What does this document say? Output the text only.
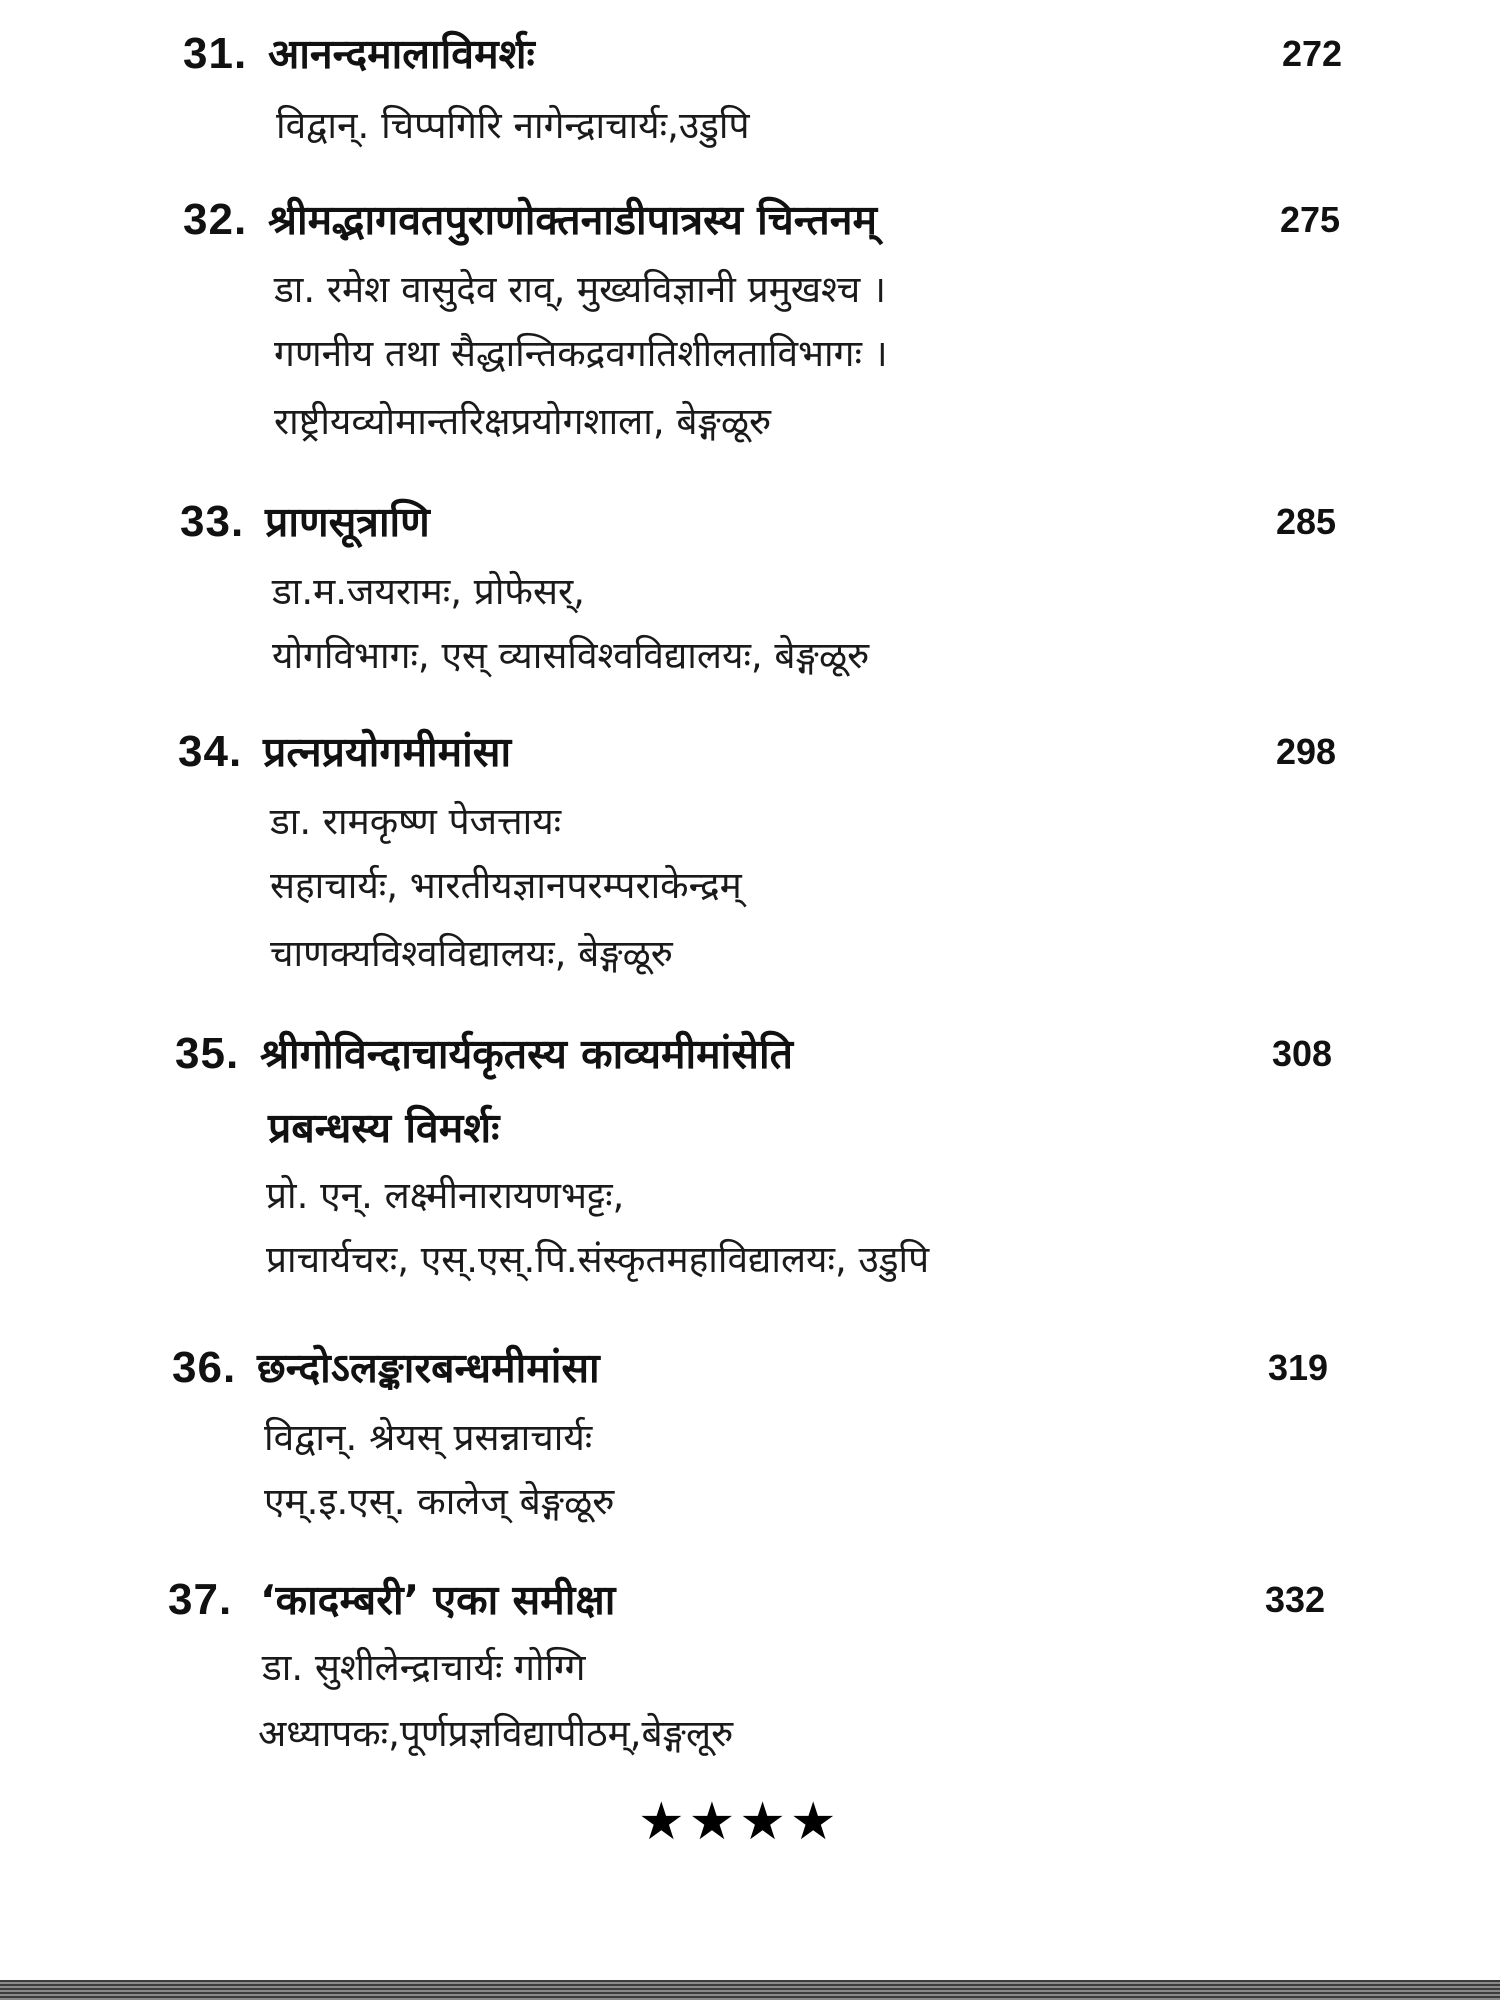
31. आनन्दमालाविमर्शः	272
विद्वान्. चिप्पगिरि नागेन्द्राचार्यः,उडुपि
32. श्रीमद्भागवतपुराणोक्तनाडीपात्रस्य चिन्तनम्	275
डा. रमेश वासुदेव राव्, मुख्यविज्ञानी प्रमुखश्च ।
गणनीय तथा सैद्धान्तिकद्रवगतिशीलताविभागः ।
राष्ट्रीयव्योमान्तरिक्षप्रयोगशाला, बेङ्गळूरु
33. प्राणसूत्राणि	285
डा.म.जयरामः, प्रोफेसर्,
योगविभागः, एस् व्यासविश्वविद्यालयः, बेङ्गळूरु
34. प्रत्नप्रयोगमीमांसा	298
डा. रामकृष्ण पेजत्तायः
सहाचार्यः, भारतीयज्ञानपरम्पराकेन्द्रम्
चाणक्यविश्वविद्यालयः, बेङ्गळूरु
35. श्रीगोविन्दाचार्यकृतस्य काव्यमीमांसेति	308
प्रबन्धस्य विमर्शः
प्रो. एन्. लक्ष्मीनारायणभट्टः,
प्राचार्यचरः, एस्.एस्.पि.संस्कृतमहाविद्यालयः, उडुपि
36. छन्दोऽलङ्कारबन्धमीमांसा	319
विद्वान्. श्रेयस् प्रसन्नाचार्यः
एम्.इ.एस्. कालेज् बेङ्गळूरु
37. ‘कादम्बरी’ एका समीक्षा	332
डा. सुशीलेन्द्राचार्यः गोग्गि
अध्यापकः,पूर्णप्रज्ञविद्यापीठम्,बेङ्गलूरु
★★★★
